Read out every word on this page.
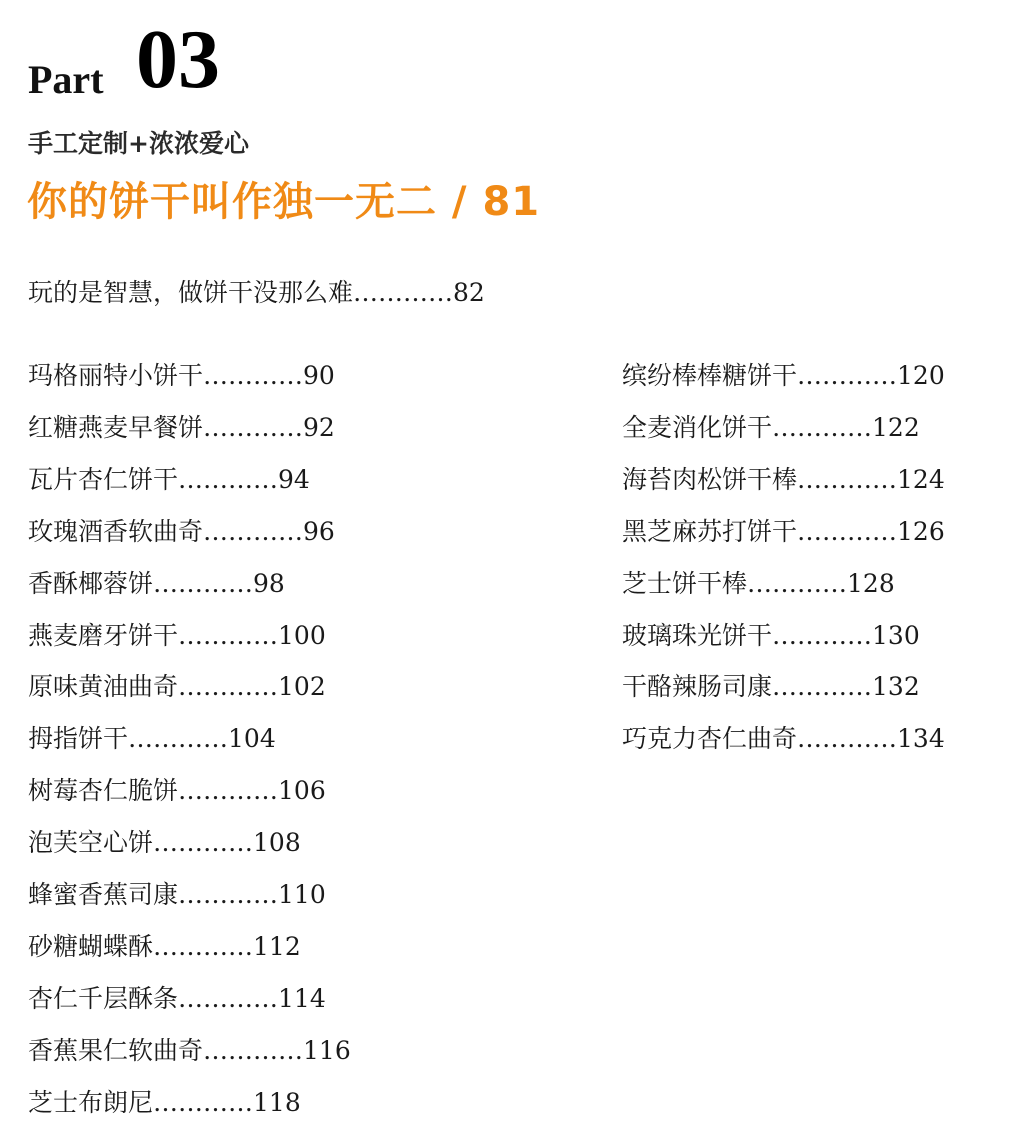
Part 03
手工定制+浓浓爱心
你的饼干叫作独一无二 / 81
玩的是智慧，做饼干没那么难…………82
玛格丽特小饼干…………90
红糖燕麦早餐饼…………92
瓦片杏仁饼干…………94
玫瑰酒香软曲奇…………96
香酥椰蓉饼…………98
燕麦磨牙饼干…………100
原味黄油曲奇…………102
拇指饼干…………104
树莓杏仁脆饼…………106
泡芙空心饼…………108
蜂蜜香蕉司康…………110
砂糖蝴蝶酥…………112
杏仁千层酥条…………114
香蕉果仁软曲奇…………116
芝士布朗尼…………118
缤纷棒棒糖饼干…………120
全麦消化饼干…………122
海苔肉松饼干棒…………124
黑芝麻苏打饼干…………126
芝士饼干棒…………128
玻璃珠光饼干…………130
干酪辣肠司康…………132
巧克力杏仁曲奇…………134
